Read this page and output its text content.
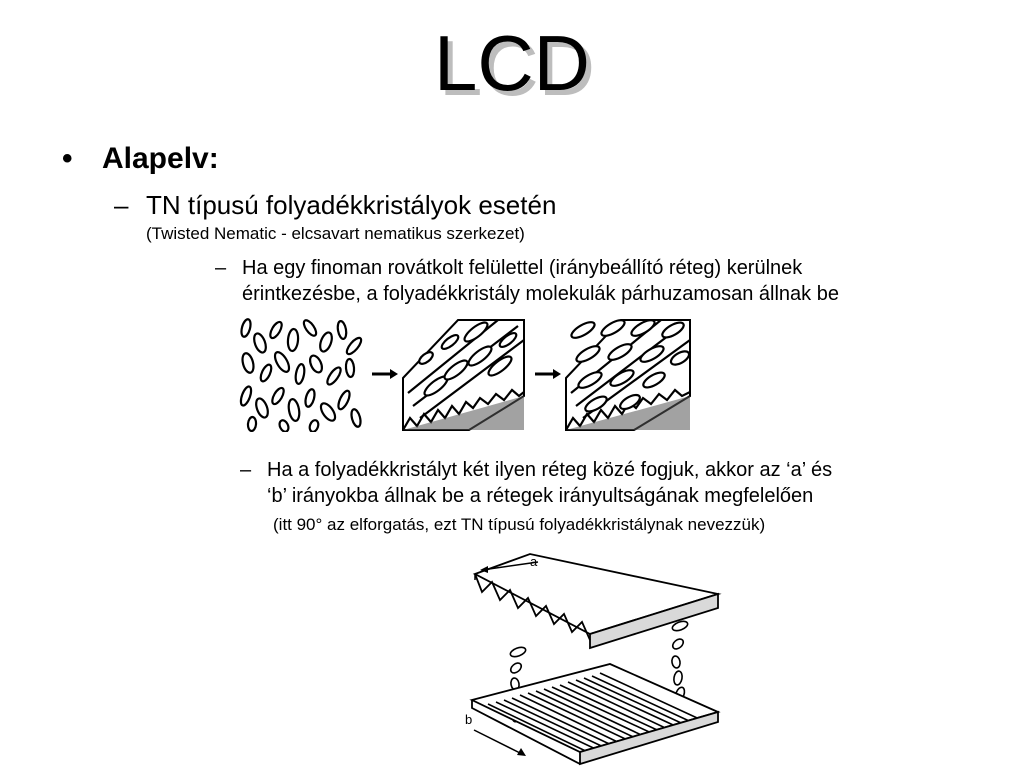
LCD
• Alapelv:
– TN típusú folyadékkristályok esetén
(Twisted Nematic - elcsavart nematikus szerkezet)
– Ha egy finoman rovátkolt felülettel (iránybeállító réteg) kerülnek
érintkezésbe, a folyadékkristály molekulák párhuzamosan állnak be
– Ha a folyadékkristályt két ilyen réteg közé fogjuk, akkor az ‘a’ és
‘b’ irányokba állnak be a rétegek irányultságának megfelelően
(itt 90° az elforgatás, ezt TN típusú folyadékkristálynak nevezzük)
a
b
